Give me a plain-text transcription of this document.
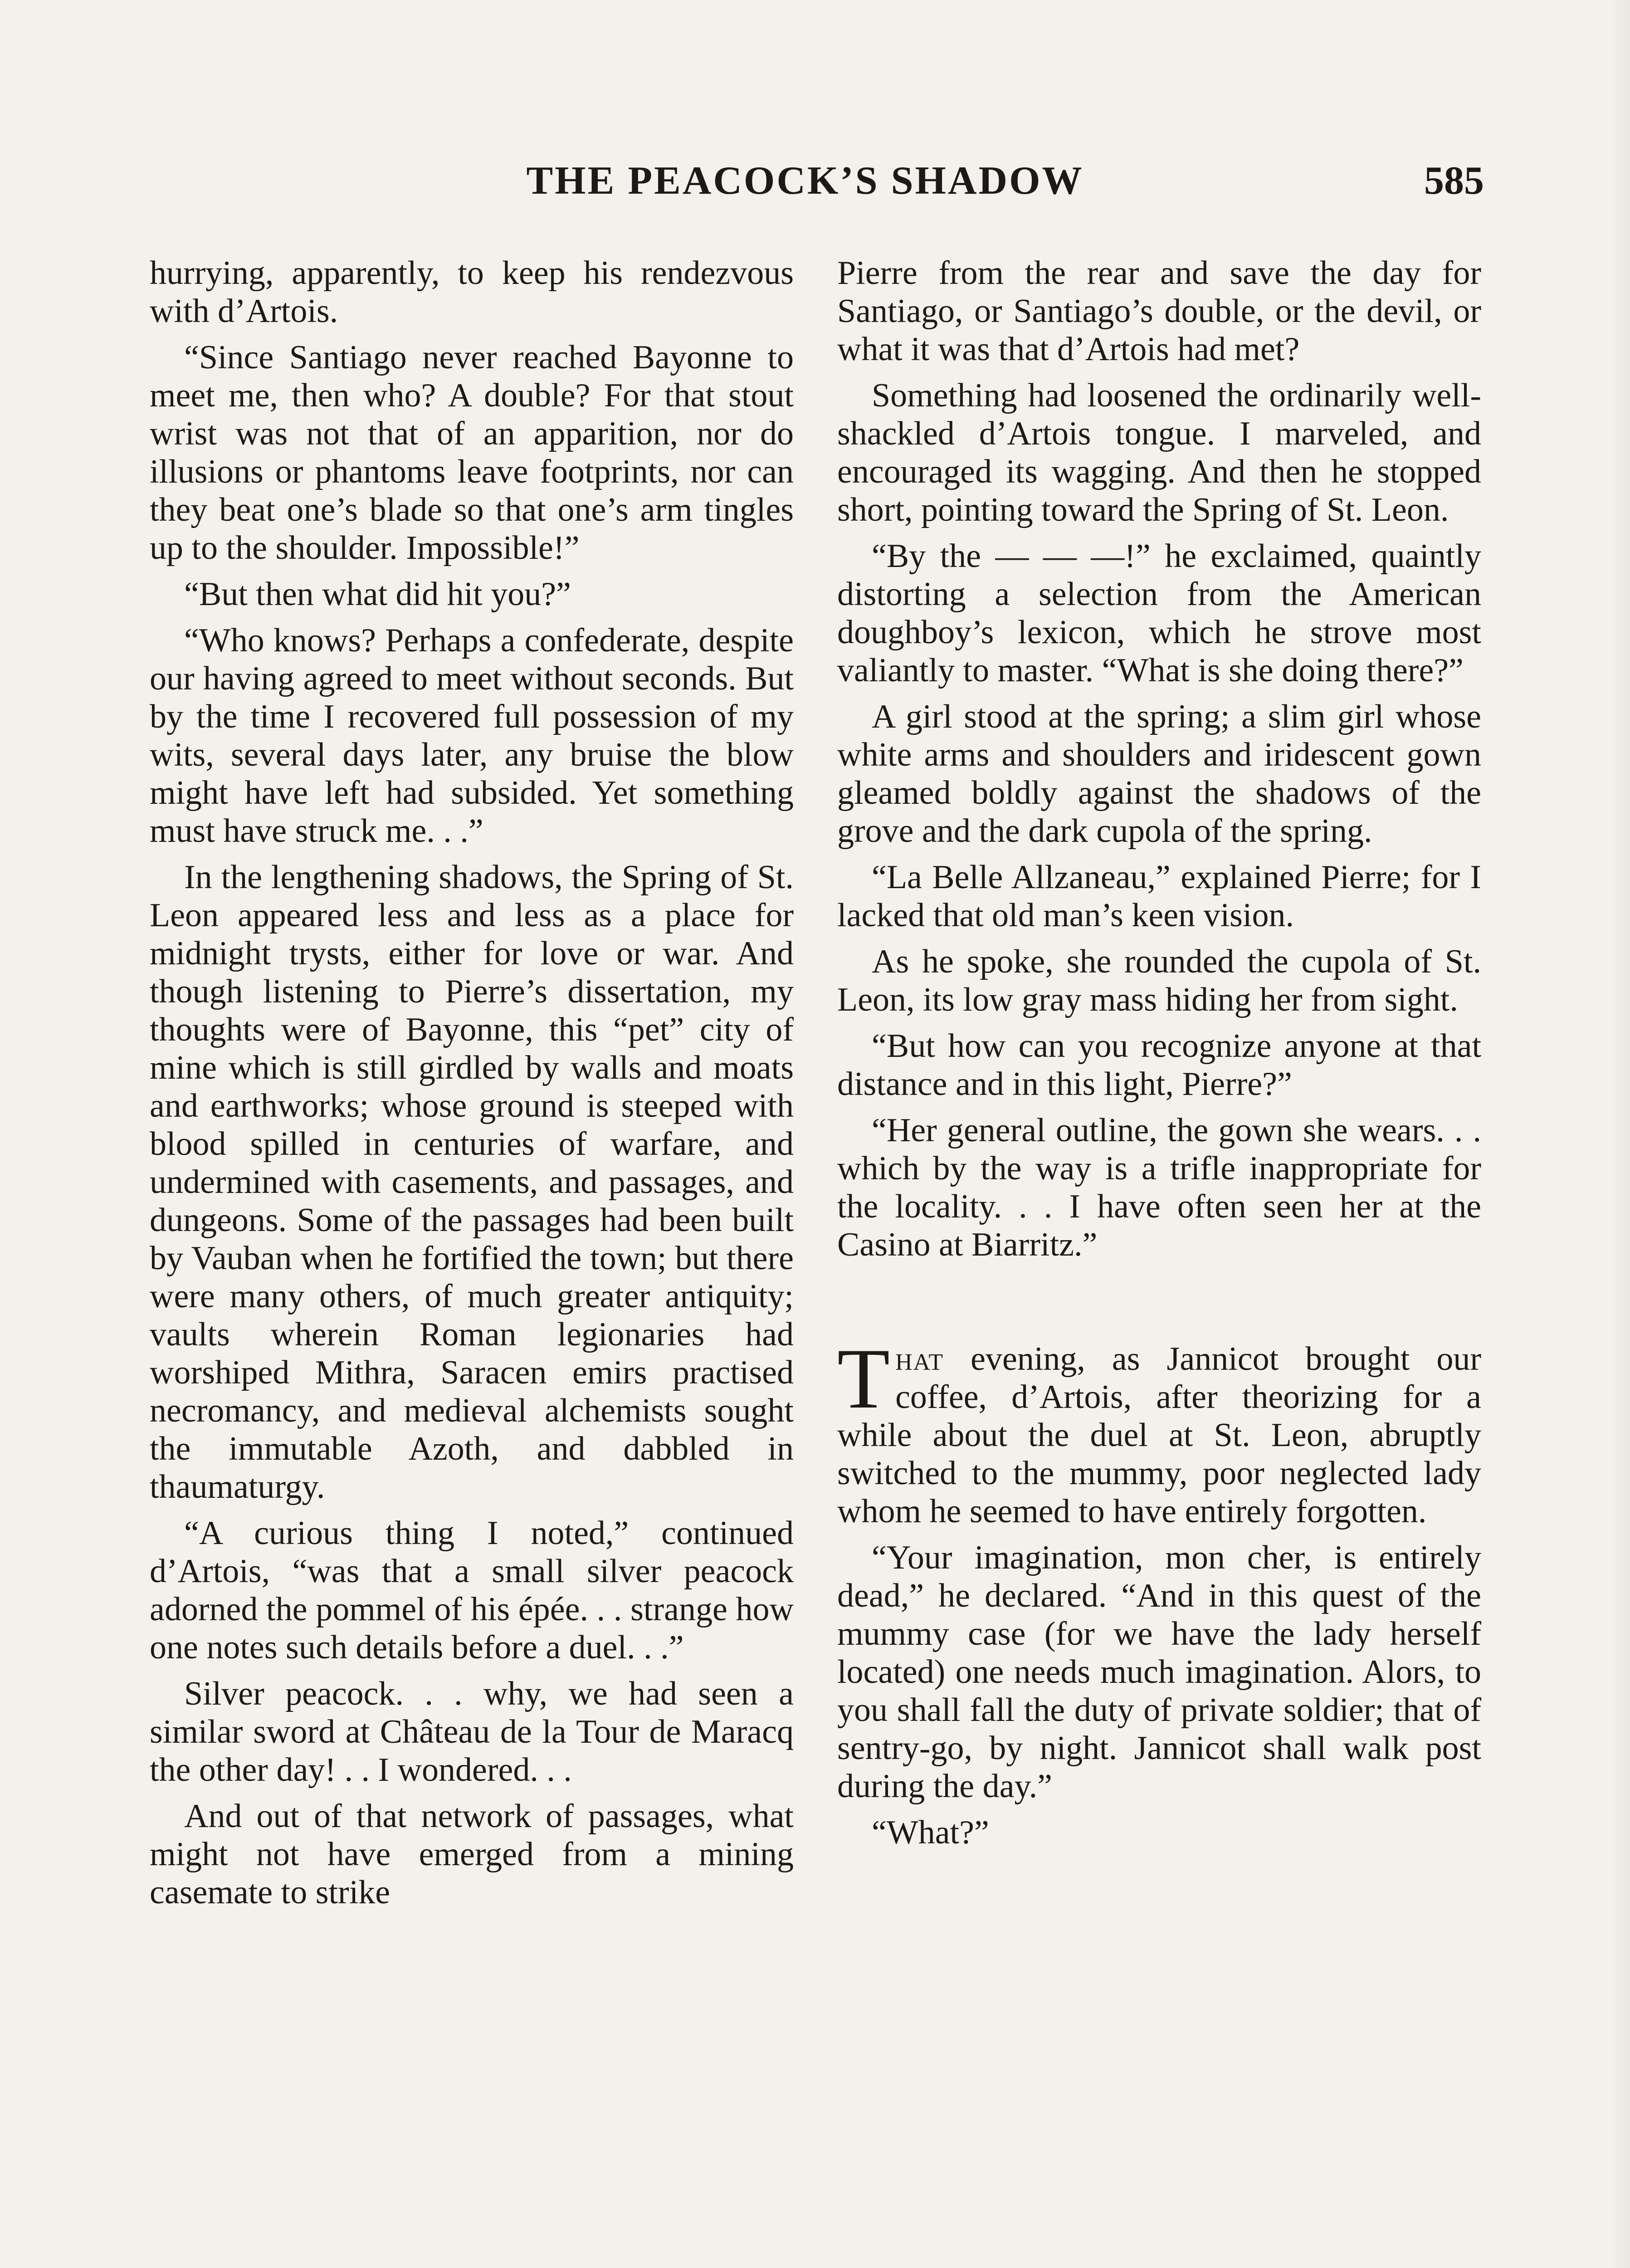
THE PEACOCK’S SHADOW	585

hurrying, apparently, to keep his rendezvous with d’Artois.

“Since Santiago never reached Bayonne to meet me, then who? A double? For that stout wrist was not that of an apparition, nor do illusions or phantoms leave footprints, nor can they beat one’s blade so that one’s arm tingles up to the shoulder. Impossible!”

“But then what did hit you?”

“Who knows? Perhaps a confederate, despite our having agreed to meet without seconds. But by the time I recovered full possession of my wits, several days later, any bruise the blow might have left had subsided. Yet something must have struck me. . .”

In the lengthening shadows, the Spring of St. Leon appeared less and less as a place for midnight trysts, either for love or war. And though listening to Pierre’s dissertation, my thoughts were of Bayonne, this “pet” city of mine which is still girdled by walls and moats and earthworks; whose ground is steeped with blood spilled in centuries of warfare, and undermined with casements, and passages, and dungeons. Some of the passages had been built by Vauban when he fortified the town; but there were many others, of much greater antiquity; vaults wherein Roman legionaries had worshiped Mithra, Saracen emirs practised necromancy, and medieval alchemists sought the immutable Azoth, and dabbled in thaumaturgy.

“A curious thing I noted,” continued d’Artois, “was that a small silver peacock adorned the pommel of his épée. . . strange how one notes such details before a duel. . .”

Silver peacock. . . why, we had seen a similar sword at Château de la Tour de Maracq the other day! . . I wondered. . .

And out of that network of passages, what might not have emerged from a mining casemate to strike

Pierre from the rear and save the day for Santiago, or Santiago’s double, or the devil, or what it was that d’Artois had met?

Something had loosened the ordinarily well-shackled d’Artois tongue. I marveled, and encouraged its wagging. And then he stopped short, pointing toward the Spring of St. Leon.

“By the — — —!” he exclaimed, quaintly distorting a selection from the American doughboy’s lexicon, which he strove most valiantly to master. “What is she doing there?”

A girl stood at the spring; a slim girl whose white arms and shoulders and iridescent gown gleamed boldly against the shadows of the grove and the dark cupola of the spring.

“La Belle Allzaneau,” explained Pierre; for I lacked that old man’s keen vision.

As he spoke, she rounded the cupola of St. Leon, its low gray mass hiding her from sight.

“But how can you recognize anyone at that distance and in this light, Pierre?”

“Her general outline, the gown she wears. . . which by the way is a trifle inappropriate for the locality. . . I have often seen her at the Casino at Biarritz.”

That evening, as Jannicot brought our coffee, d’Artois, after theorizing for a while about the duel at St. Leon, abruptly switched to the mummy, poor neglected lady whom he seemed to have entirely forgotten.

“Your imagination, mon cher, is entirely dead,” he declared. “And in this quest of the mummy case (for we have the lady herself located) one needs much imagination. Alors, to you shall fall the duty of private soldier; that of sentry-go, by night. Jannicot shall walk post during the day.”

“What?”
